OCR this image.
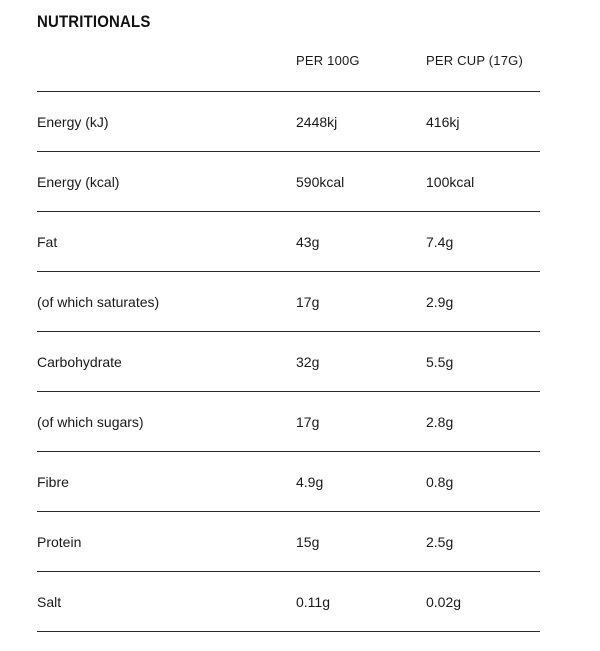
NUTRITIONALS
PER 100G	PER CUP (17G)
Energy (kJ)	2448kj	416kj
Energy (kcal)	590kcal	100kcal
Fat	43g	7.4g
(of which saturates)	17g	2.9g
Carbohydrate	32g	5.5g
(of which sugars)	17g	2.8g
Fibre	4.9g	0.8g
Protein	15g	2.5g
Salt	0.11g	0.02g
